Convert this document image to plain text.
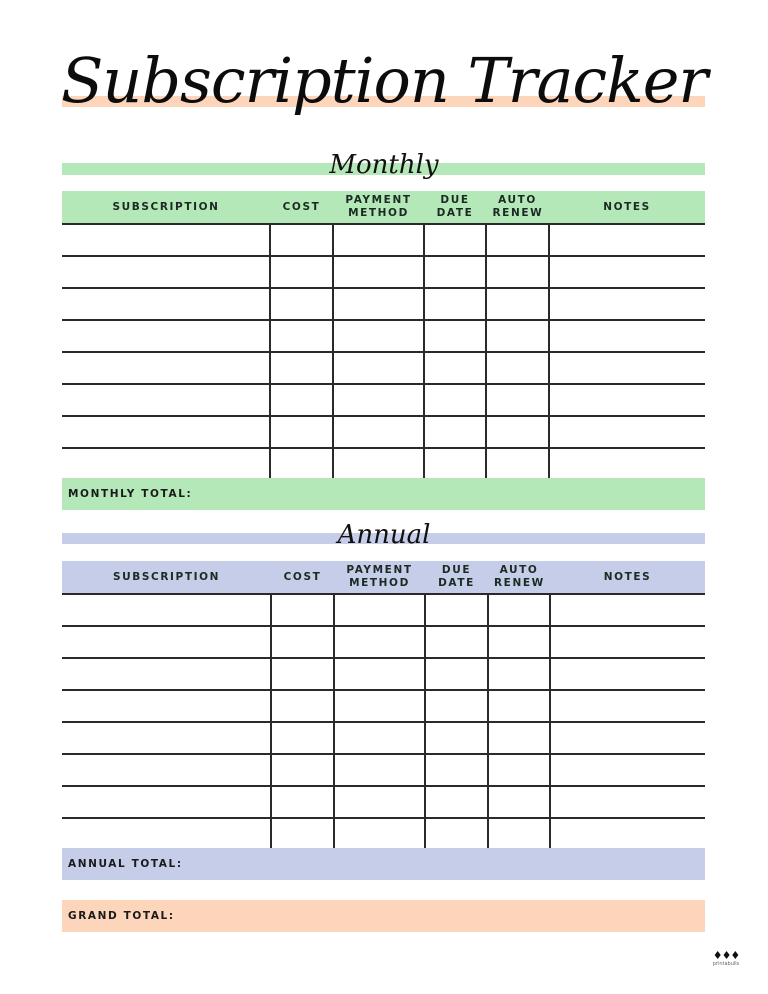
Subscription Tracker
Monthly
SUBSCRIPTION	COST	PAYMENT METHOD	DUE DATE	AUTO RENEW	NOTES

MONTHLY TOTAL:
Annual
SUBSCRIPTION	COST	PAYMENT METHOD	DUE DATE	AUTO RENEW	NOTES

ANNUAL TOTAL:
GRAND TOTAL:
♦♦♦
printabulls
